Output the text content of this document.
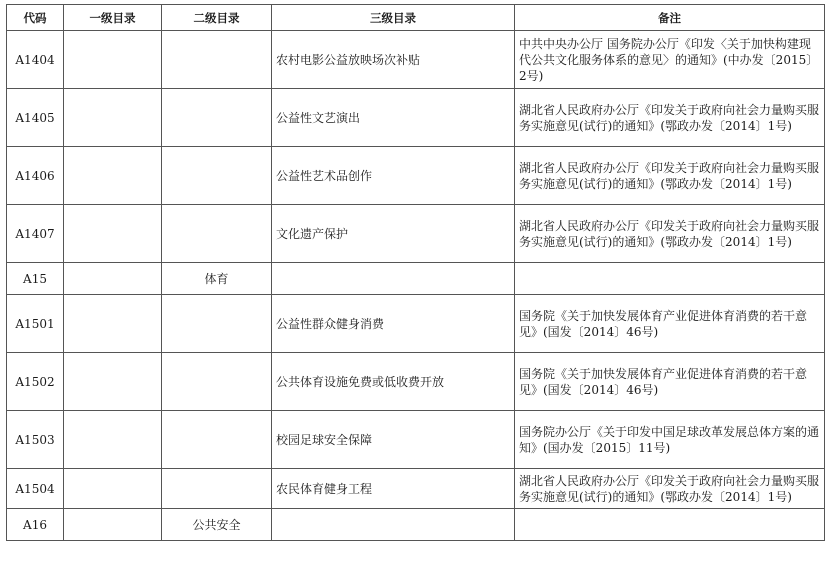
代码	一级目录	二级目录	三级目录	备注
A1404			农村电影公益放映场次补贴	中共中央办公厅 国务院办公厅《印发〈关于加快构建现代公共文化服务体系的意见〉的通知》(中办发〔2015〕2号)
A1405			公益性文艺演出	湖北省人民政府办公厅《印发关于政府向社会力量购买服务实施意见(试行)的通知》(鄂政办发〔2014〕1号)
A1406			公益性艺术品创作	湖北省人民政府办公厅《印发关于政府向社会力量购买服务实施意见(试行)的通知》(鄂政办发〔2014〕1号)
A1407			文化遗产保护	湖北省人民政府办公厅《印发关于政府向社会力量购买服务实施意见(试行)的通知》(鄂政办发〔2014〕1号)
A15		体育		
A1501			公益性群众健身消费	国务院《关于加快发展体育产业促进体育消费的若干意见》(国发〔2014〕46号)
A1502			公共体育设施免费或低收费开放	国务院《关于加快发展体育产业促进体育消费的若干意见》(国发〔2014〕46号)
A1503			校园足球安全保障	国务院办公厅《关于印发中国足球改革发展总体方案的通知》(国办发〔2015〕11号)
A1504			农民体育健身工程	湖北省人民政府办公厅《印发关于政府向社会力量购买服务实施意见(试行)的通知》(鄂政办发〔2014〕1号)
A16		公共安全		
